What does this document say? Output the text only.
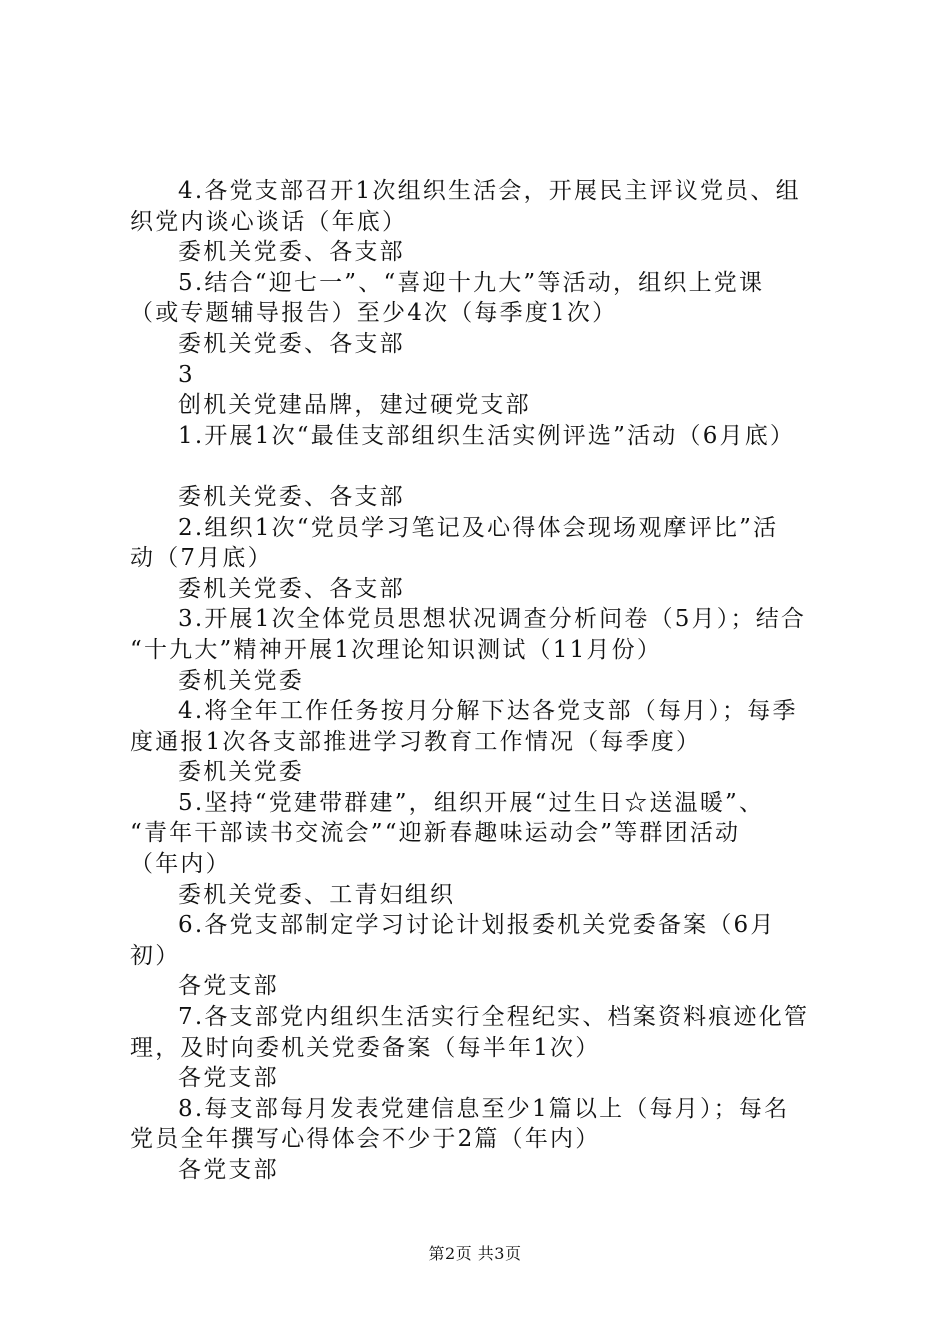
4.各党支部召开1次组织生活会，开展民主评议党员、组
织党内谈心谈话（年底）
委机关党委、各支部
5.结合“迎七一”、“喜迎十九大”等活动，组织上党课
（或专题辅导报告）至少4次（每季度1次）
委机关党委、各支部
3
创机关党建品牌，建过硬党支部
1.开展1次“最佳支部组织生活实例评选”活动（6月底）
委机关党委、各支部
2.组织1次“党员学习笔记及心得体会现场观摩评比”活
动（7月底）
委机关党委、各支部
3.开展1次全体党员思想状况调查分析问卷（5月）；结合
“十九大”精神开展1次理论知识测试（11月份）
委机关党委
4.将全年工作任务按月分解下达各党支部（每月）；每季
度通报1次各支部推进学习教育工作情况（每季度）
委机关党委
5.坚持“党建带群建”，组织开展“过生日☆送温暖”、
“青年干部读书交流会”“迎新春趣味运动会”等群团活动
（年内）
委机关党委、工青妇组织
6.各党支部制定学习讨论计划报委机关党委备案（6月
初）
各党支部
7.各支部党内组织生活实行全程纪实、档案资料痕迹化管
理，及时向委机关党委备案（每半年1次）
各党支部
8.每支部每月发表党建信息至少1篇以上（每月）；每名
党员全年撰写心得体会不少于2篇（年内）
各党支部
第2页 共3页
